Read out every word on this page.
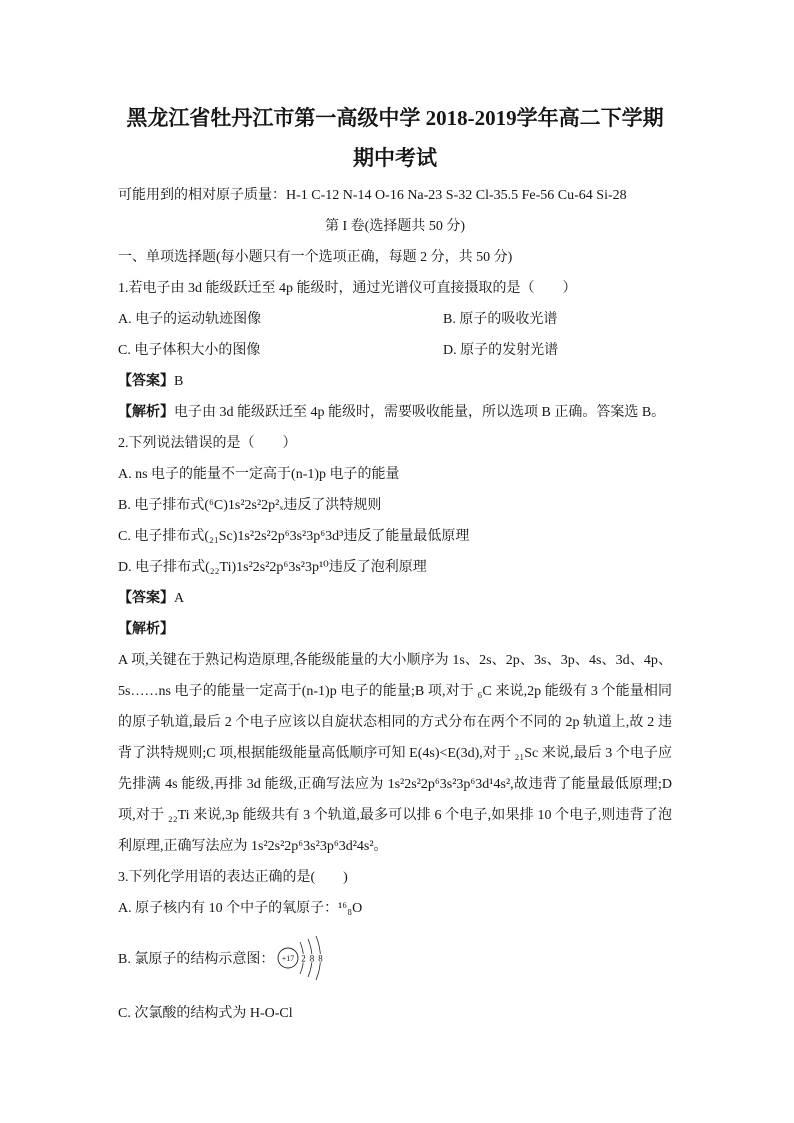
黑龙江省牡丹江市第一高级中学 2018-2019学年高二下学期
期中考试

可能用到的相对原子质量：H-1 C-12 N-14 O-16 Na-23 S-32 Cl-35.5 Fe-56 Cu-64 Si-28

第 I 卷(选择题共 50 分)

一、单项选择题(每小题只有一个选项正确，每题 2 分，共 50 分)

1.若电子由 3d 能级跃迁至 4p 能级时，通过光谱仪可直接摄取的是（　　）

A. 电子的运动轨迹图像	B. 原子的吸收光谱
C. 电子体积大小的图像	D. 原子的发射光谱

【答案】B

【解析】电子由 3d 能级跃迁至 4p 能级时，需要吸收能量，所以选项 B 正确。答案选 B。

2.下列说法错误的是（　　）

A. ns 电子的能量不一定高于(n-1)p 电子的能量

B. 电子排布式(⁶C)1s²2s²2p²ₓ违反了洪特规则

C. 电子排布式(₂₁Sc)1s²2s²2p⁶3s²3p⁶3d³违反了能量最低原理

D. 电子排布式(₂₂Ti)1s²2s²2p⁶3s²3p¹⁰违反了泡利原理

【答案】A

【解析】

A 项,关键在于熟记构造原理,各能级能量的大小顺序为 1s、2s、2p、3s、3p、4s、3d、4p、5s……ns 电子的能量一定高于(n-1)p 电子的能量;B 项,对于 ₆C 来说,2p 能级有 3 个能量相同的原子轨道,最后 2 个电子应该以自旋状态相同的方式分布在两个不同的 2p 轨道上,故 2 违背了洪特规则;C 项,根据能级能量高低顺序可知 E(4s)<E(3d),对于 ₂₁Sc 来说,最后 3 个电子应先排满 4s 能级,再排 3d 能级,正确写法应为 1s²2s²2p⁶3s²3p⁶3d¹4s²,故违背了能量最低原理;D 项,对于 ₂₂Ti 来说,3p 能级共有 3 个轨道,最多可以排 6 个电子,如果排 10 个电子,则违背了泡利原理,正确写法应为 1s²2s²2p⁶3s²3p⁶3d²4s²。

3.下列化学用语的表达正确的是(　　)

A. 原子核内有 10 个中子的氧原子：¹⁶₈O

B. 氯原子的结构示意图： +17 2 8 8

C. 次氯酸的结构式为 H-O-Cl
